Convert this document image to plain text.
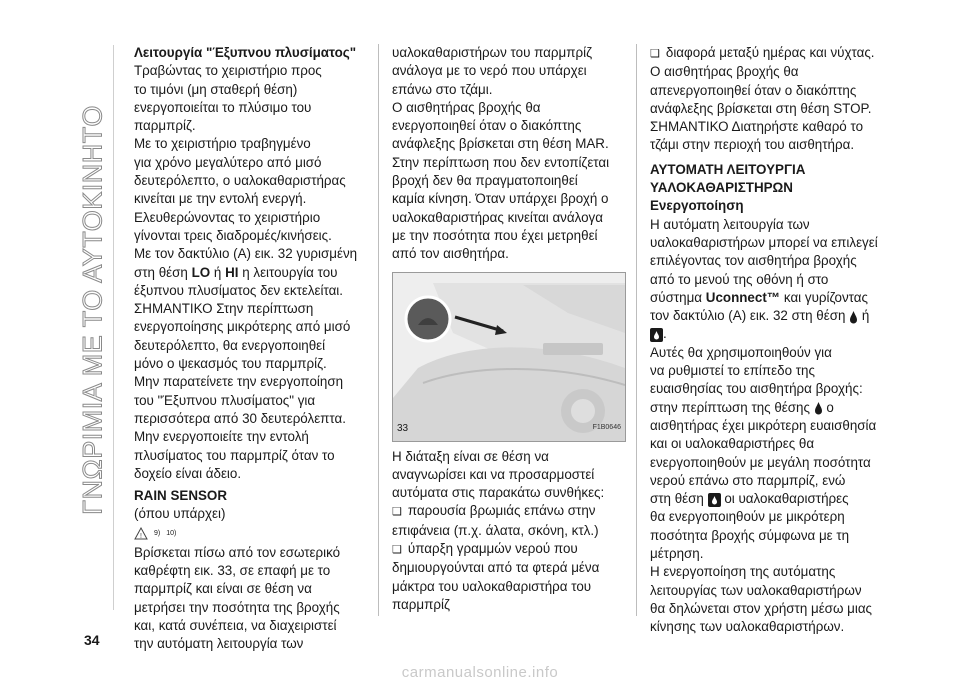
ΓΝΩΡΙΜΙΑ ΜΕ ΤΟ ΑΥΤΟΚΙΝΗΤΟ
34
Λειτουργία "Έξυπνου πλυσίματος"

Τραβώντας το χειριστήριο προς

το τιμόνι (μη σταθερή θέση)

ενεργοποιείται το πλύσιμο του

παρμπρίζ.

Με το χειριστήριο τραβηγμένο

για χρόνο μεγαλύτερο από μισό

δευτερόλεπτο, ο υαλοκαθαριστήρας

κινείται με την εντολή ενεργή.

Ελευθερώνοντας το χειριστήριο

γίνονται τρεις διαδρομές/κινήσεις.

Με τον δακτύλιο (A) εικ. 32 γυρισμένη

στη θέση LO ή HI η λειτουργία του

έξυπνου πλυσίματος δεν εκτελείται.

ΣΗΜΑΝΤΙΚΟ Στην περίπτωση

ενεργοποίησης μικρότερης από μισό

δευτερόλεπτο, θα ενεργοποιηθεί

μόνο ο ψεκασμός του παρμπρίζ.

Μην παρατείνετε την ενεργοποίηση

του "Έξυπνου πλυσίματος" για

περισσότερα από 30 δευτερόλεπτα.

Μην ενεργοποιείτε την εντολή

πλυσίματος του παρμπρίζ όταν το

δοχείο είναι άδειο.

RAIN SENSOR

(όπου υπάρχει)

!
9) 10)

Βρίσκεται πίσω από τον εσωτερικό

καθρέφτη εικ. 33, σε επαφή με το

παρμπρίζ και είναι σε θέση να

μετρήσει την ποσότητα της βροχής

και, κατά συνέπεια, να διαχειριστεί

την αυτόματη λειτουργία των

υαλοκαθαριστήρων του παρμπρίζ

ανάλογα με το νερό που υπάρχει

επάνω στο τζάμι.

Ο αισθητήρας βροχής θα

ενεργοποιηθεί όταν ο διακόπτης

ανάφλεξης βρίσκεται στη θέση MAR.

Στην περίπτωση που δεν εντοπίζεται

βροχή δεν θα πραγματοποιηθεί

καμία κίνηση. Όταν υπάρχει βροχή ο

υαλοκαθαριστήρας κινείται ανάλογα

με την ποσότητα που έχει μετρηθεί

από τον αισθητήρα.

33	F1B0646

Η διάταξη είναι σε θέση να

αναγνωρίσει και να προσαρμοστεί

αυτόματα στις παρακάτω συνθήκες:

❑ παρουσία βρωμιάς επάνω στην

επιφάνεια (π.χ. άλατα, σκόνη, κτλ.)

❑ ύπαρξη γραμμών νερού που

δημιουργούνται από τα φτερά μένα

μάκτρα του υαλοκαθαριστήρα του

παρμπρίζ

❑ διαφορά μεταξύ ημέρας και νύχτας.

Ο αισθητήρας βροχής θα

απενεργοποιηθεί όταν ο διακόπτης

ανάφλεξης βρίσκεται στη θέση STOP.

ΣΗΜΑΝΤΙΚΟ Διατηρήστε καθαρό το

τζάμι στην περιοχή του αισθητήρα.

ΑΥΤΟΜΑΤΗ ΛΕΙΤΟΥΡΓΙΑ
ΥΑΛΟΚΑΘΑΡΙΣΤΗΡΩΝ
Ενεργοποίηση

Η αυτόματη λειτουργία των

υαλοκαθαριστήρων μπορεί να επιλεγεί

επιλέγοντας τον αισθητήρα βροχής

από το μενού της οθόνη ή στο

σύστημα Uconnect™ και γυρίζοντας

τον δακτύλιο (A) εικ. 32 στη θέση  ή

.

Αυτές θα χρησιμοποιηθούν για

να ρυθμιστεί το επίπεδο της

ευαισθησίας του αισθητήρα βροχής:

στην περίπτωση της θέσης  ο

αισθητήρας έχει μικρότερη ευαισθησία

και οι υαλοκαθαριστήρες θα

ενεργοποιηθούν με μεγάλη ποσότητα

νερού επάνω στο παρμπρίζ, ενώ

στη θέση  οι υαλοκαθαριστήρες

θα ενεργοποιηθούν με μικρότερη

ποσότητα βροχής σύμφωνα με τη

μέτρηση.

Η ενεργοποίηση της αυτόματης

λειτουργίας των υαλοκαθαριστήρων

θα δηλώνεται στον χρήστη μέσω μιας

κίνησης των υαλοκαθαριστήρων.

carmanualsonline.info
